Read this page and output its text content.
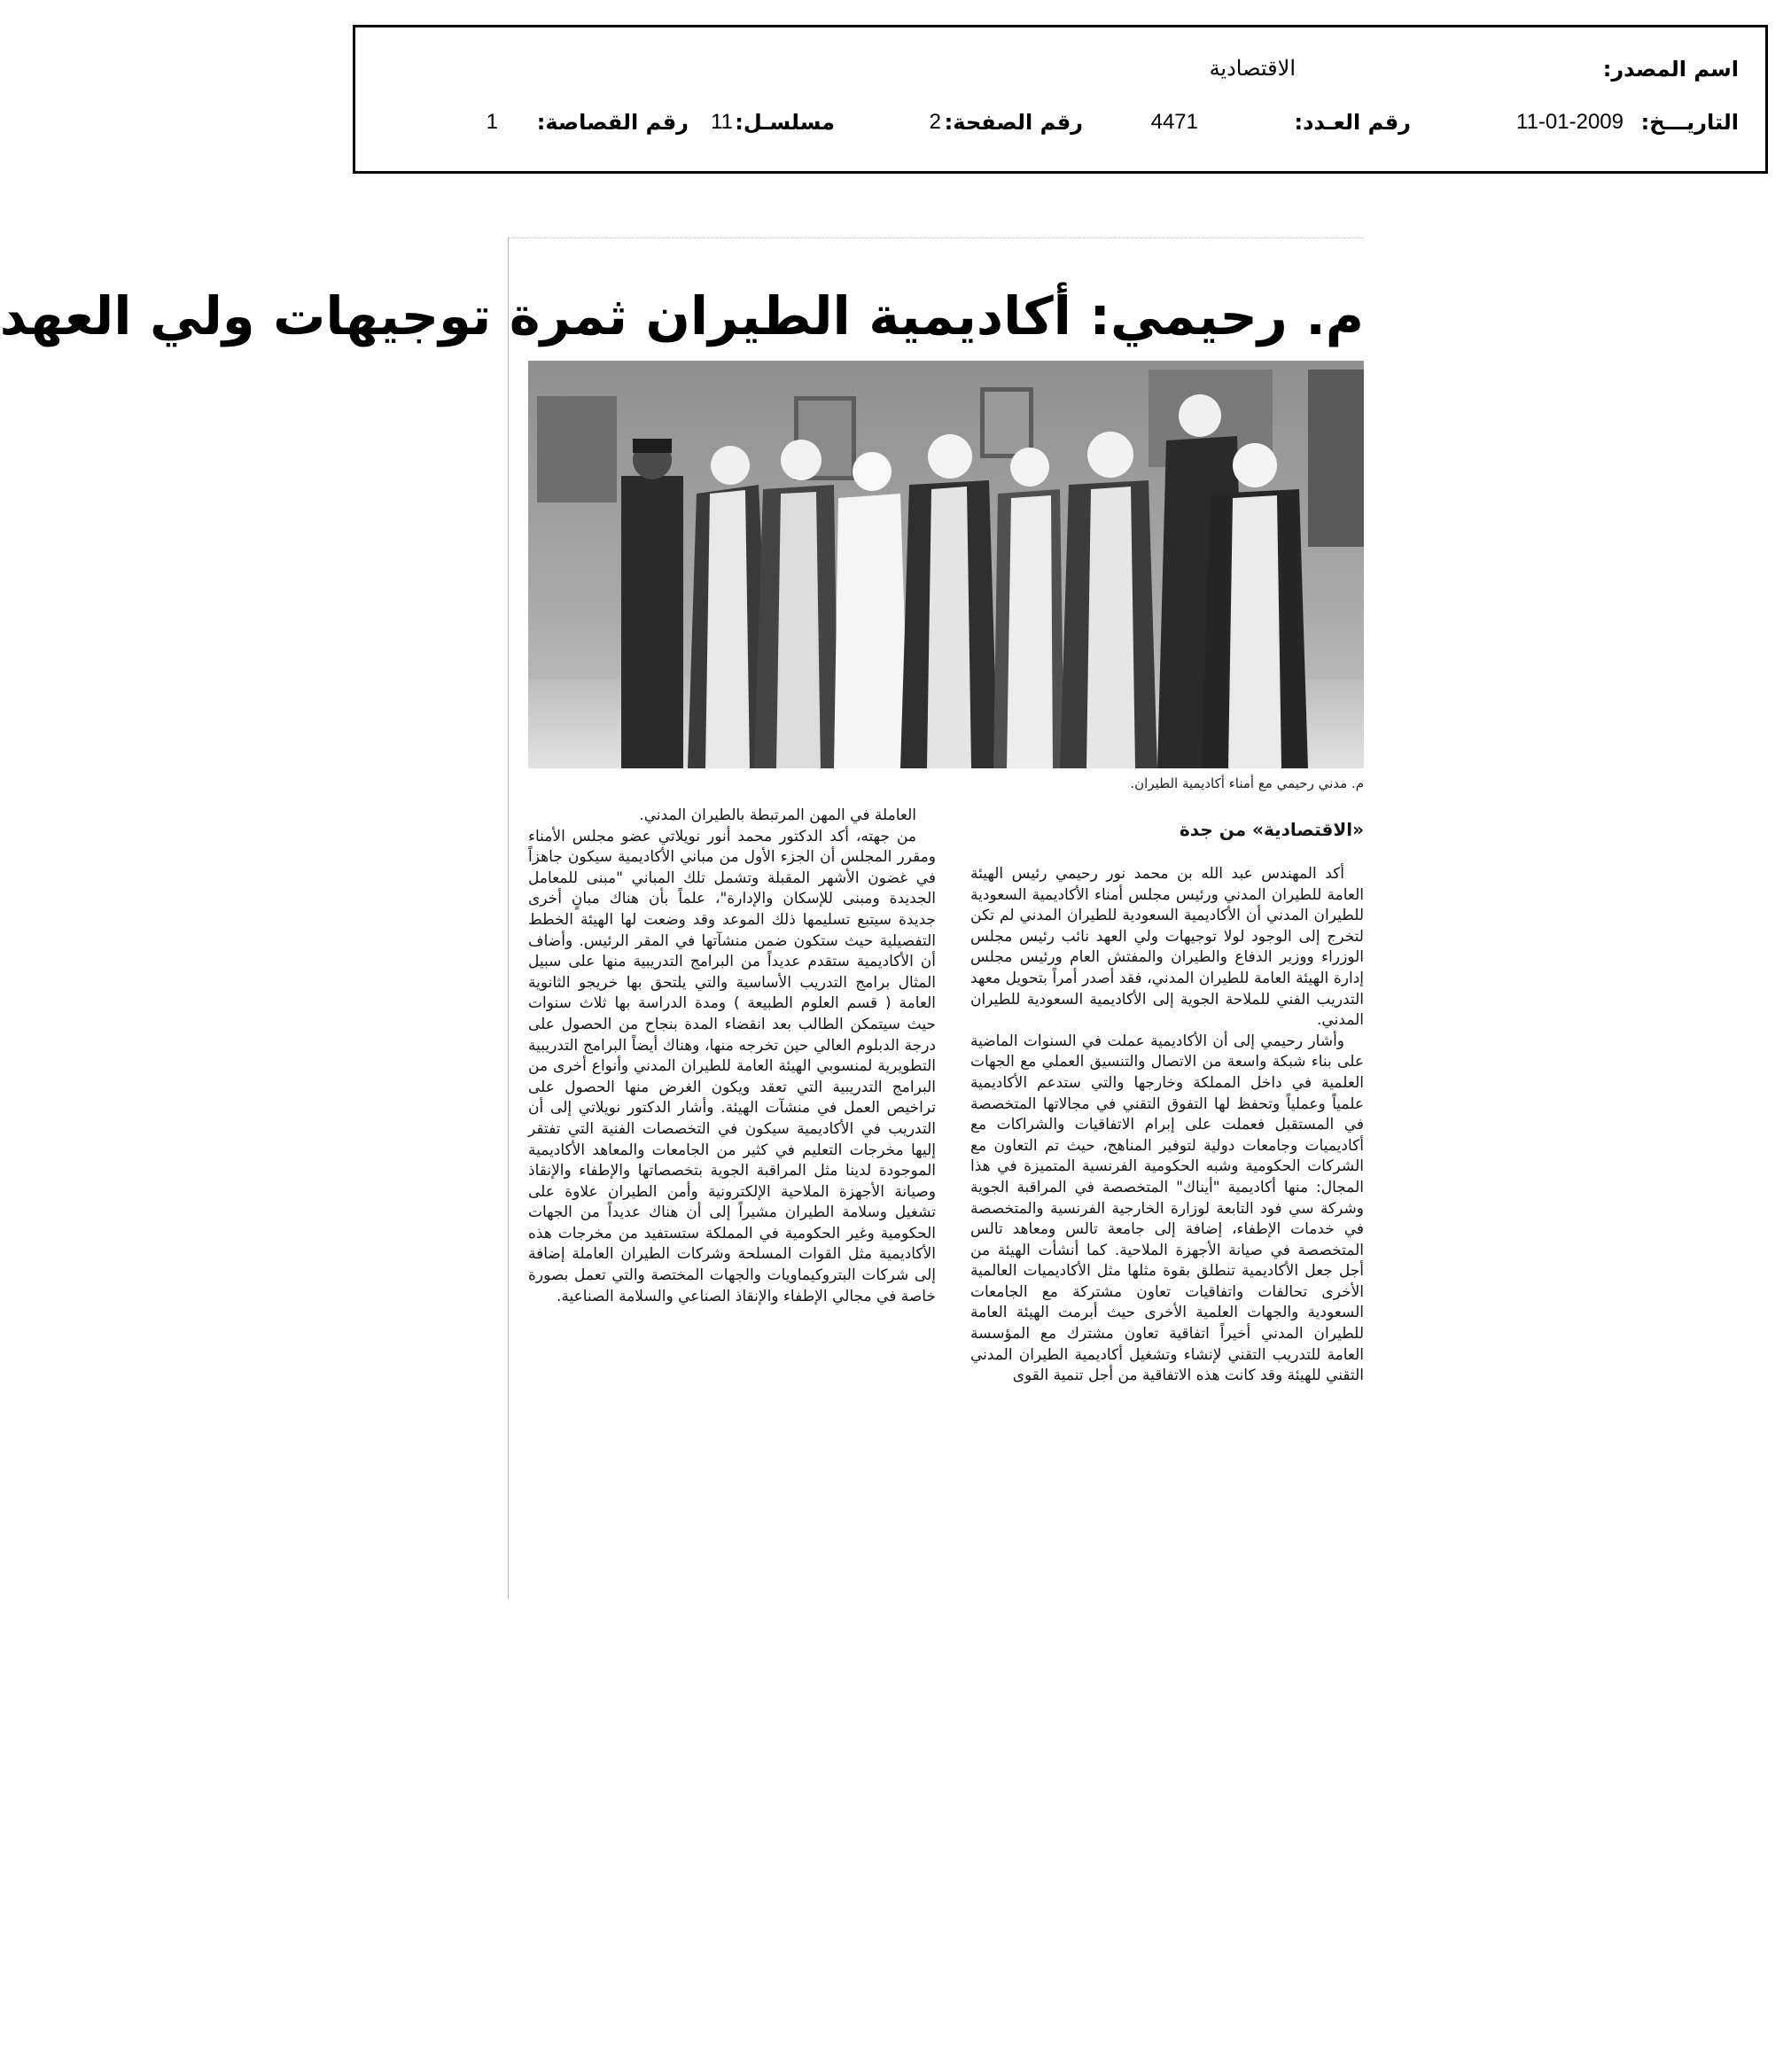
اسم المصدر:
الاقتصادية
التاريـــخ:
11-01-2009
رقم العـدد:
4471
رقم الصفحة:
2
مسلسـل:
11
رقم القصاصة:
1
م. رحيمي: أكاديمية الطيران ثمرة توجيهات ولي العهد
م. مدني رحيمي مع أمناء أكاديمية الطيران.
«الاقتصادية» من جدة

أكد المهندس عبد الله بن محمد نور رحيمي رئيس الهيئة العامة للطيران المدني ورئيس مجلس أمناء الأكاديمية السعودية للطيران المدني أن الأكاديمية السعودية للطيران المدني لم تكن لتخرج إلى الوجود لولا توجيهات ولي العهد نائب رئيس مجلس الوزراء ووزير الدفاع والطيران والمفتش العام ورئيس مجلس إدارة الهيئة العامة للطيران المدني، فقد أصدر أمراً بتحويل معهد التدريب الفني للملاحة الجوية إلى الأكاديمية السعودية للطيران المدني.

وأشار رحيمي إلى أن الأكاديمية عملت في السنوات الماضية على بناء شبكة واسعة من الاتصال والتنسيق العملي مع الجهات العلمية في داخل المملكة وخارجها والتي ستدعم الأكاديمية علمياً وعملياً وتحفظ لها التفوق التقني في مجالاتها المتخصصة في المستقبل فعملت على إبرام الاتفاقيات والشراكات مع أكاديميات وجامعات دولية لتوفير المناهج، حيث تم التعاون مع الشركات الحكومية وشبه الحكومية الفرنسية المتميزة في هذا المجال: منها أكاديمية "أيناك" المتخصصة في المراقبة الجوية وشركة سي فود التابعة لوزارة الخارجية الفرنسية والمتخصصة في خدمات الإطفاء، إضافة إلى جامعة تالس ومعاهد تالس المتخصصة في صيانة الأجهزة الملاحية. كما أنشأت الهيئة من أجل جعل الأكاديمية تنطلق بقوة مثلها مثل الأكاديميات العالمية الأخرى تحالفات واتفاقيات تعاون مشتركة مع الجامعات السعودية والجهات العلمية الأخرى حيث أبرمت الهيئة العامة للطيران المدني أخيراً اتفاقية تعاون مشترك مع المؤسسة العامة للتدريب التقني لإنشاء وتشغيل أكاديمية الطيران المدني التقني للهيئة وقد كانت هذه الاتفاقية من أجل تنمية القوى

العاملة في المهن المرتبطة بالطيران المدني.

من جهته، أكد الدكتور محمد أنور نويلاتي عضو مجلس الأمناء ومقرر المجلس أن الجزء الأول من مباني الأكاديمية سيكون جاهزاً في غضون الأشهر المقبلة وتشمل تلك المباني "مبنى للمعامل الجديدة ومبنى للإسكان والإدارة"، علماً بأن هناك مبانٍ أخرى جديدة سيتبع تسليمها ذلك الموعد وقد وضعت لها الهيئة الخطط التفصيلية حيث ستكون ضمن منشآتها في المقر الرئيس. وأضاف أن الأكاديمية ستقدم عديداً من البرامج التدريبية منها على سبيل المثال برامج التدريب الأساسية والتي يلتحق بها خريجو الثانوية العامة ( قسم العلوم الطبيعة ) ومدة الدراسة بها ثلاث سنوات حيث سيتمكن الطالب بعد انقضاء المدة بنجاح من الحصول على درجة الدبلوم العالي حين تخرجه منها، وهناك أيضاً البرامج التدريبية التطويرية لمنسوبي الهيئة العامة للطيران المدني وأنواع أخرى من البرامج التدريبية التي تعقد ويكون الغرض منها الحصول على تراخيص العمل في منشآت الهيئة. وأشار الدكتور نويلاتي إلى أن التدريب في الأكاديمية سيكون في التخصصات الفنية التي تفتقر إليها مخرجات التعليم في كثير من الجامعات والمعاهد الأكاديمية الموجودة لدينا مثل المراقبة الجوية بتخصصاتها والإطفاء والإنقاذ وصيانة الأجهزة الملاحية الإلكترونية وأمن الطيران علاوة على تشغيل وسلامة الطيران مشيراً إلى أن هناك عديداً من الجهات الحكومية وغير الحكومية في المملكة ستستفيد من مخرجات هذه الأكاديمية مثل القوات المسلحة وشركات الطيران العاملة إضافة إلى شركات البتروكيماويات والجهات المختصة والتي تعمل بصورة خاصة في مجالي الإطفاء والإنقاذ الصناعي والسلامة الصناعية.
